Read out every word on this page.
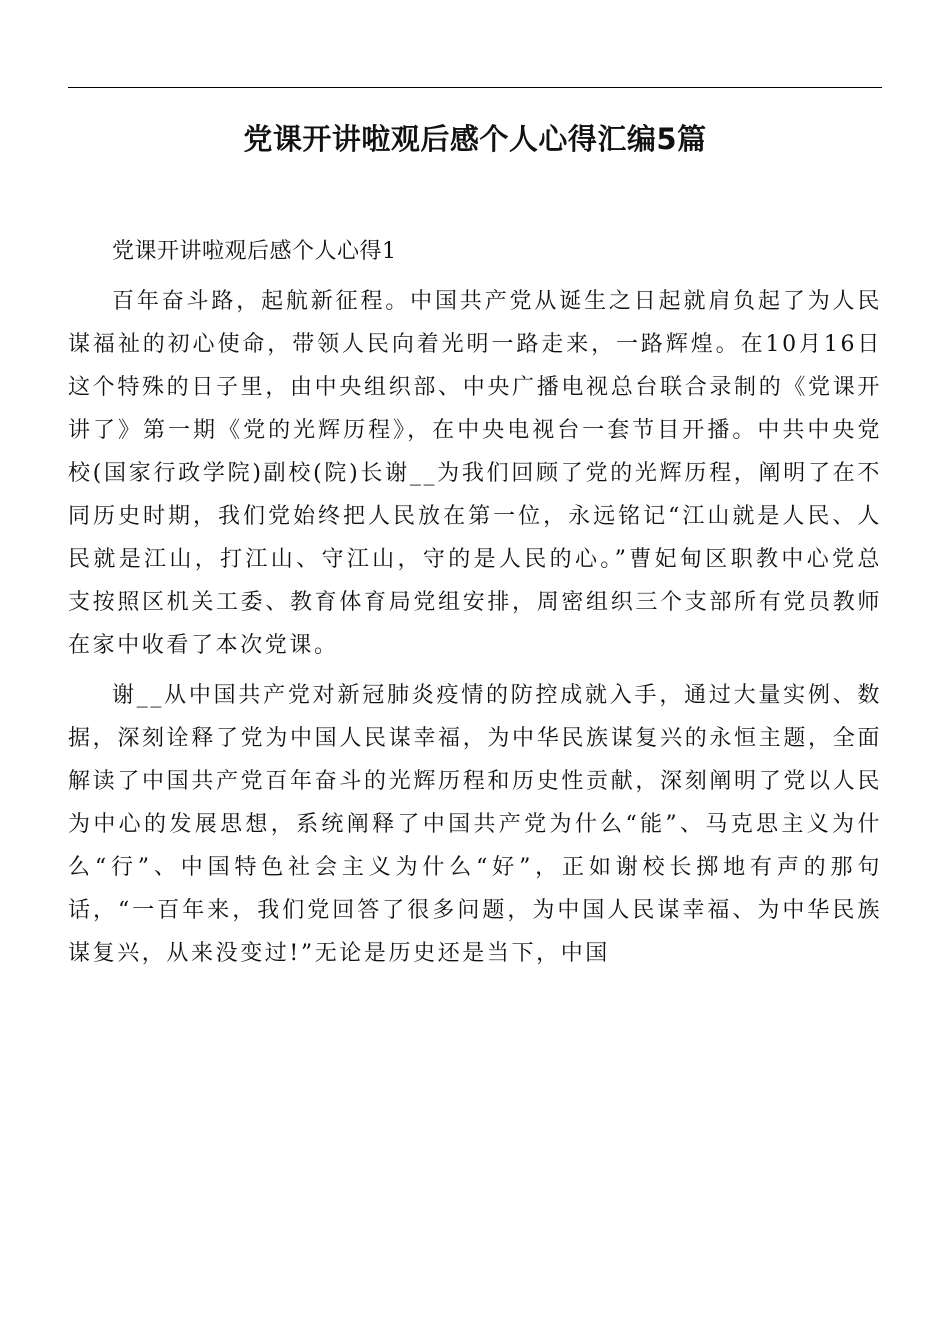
党课开讲啦观后感个人心得汇编5篇

党课开讲啦观后感个人心得1

百年奋斗路，起航新征程。中国共产党从诞生之日起就肩负起了为人民谋福祉的初心使命，带领人民向着光明一路走来，一路辉煌。在10月16日这个特殊的日子里，由中央组织部、中央广播电视总台联合录制的《党课开讲了》第一期《党的光辉历程》，在中央电视台一套节目开播。中共中央党校(国家行政学院)副校(院)长谢__为我们回顾了党的光辉历程，阐明了在不同历史时期，我们党始终把人民放在第一位，永远铭记“江山就是人民、人民就是江山，打江山、守江山，守的是人民的心。”曹妃甸区职教中心党总支按照区机关工委、教育体育局党组安排，周密组织三个支部所有党员教师在家中收看了本次党课。

谢__从中国共产党对新冠肺炎疫情的防控成就入手，通过大量实例、数据，深刻诠释了党为中国人民谋幸福，为中华民族谋复兴的永恒主题，全面解读了中国共产党百年奋斗的光辉历程和历史性贡献，深刻阐明了党以人民为中心的发展思想，系统阐释了中国共产党为什么“能”、马克思主义为什么“行”、中国特色社会主义为什么“好”，正如谢校长掷地有声的那句话，“一百年来，我们党回答了很多问题，为中国人民谋幸福、为中华民族谋复兴，从来没变过!”无论是历史还是当下，中国
